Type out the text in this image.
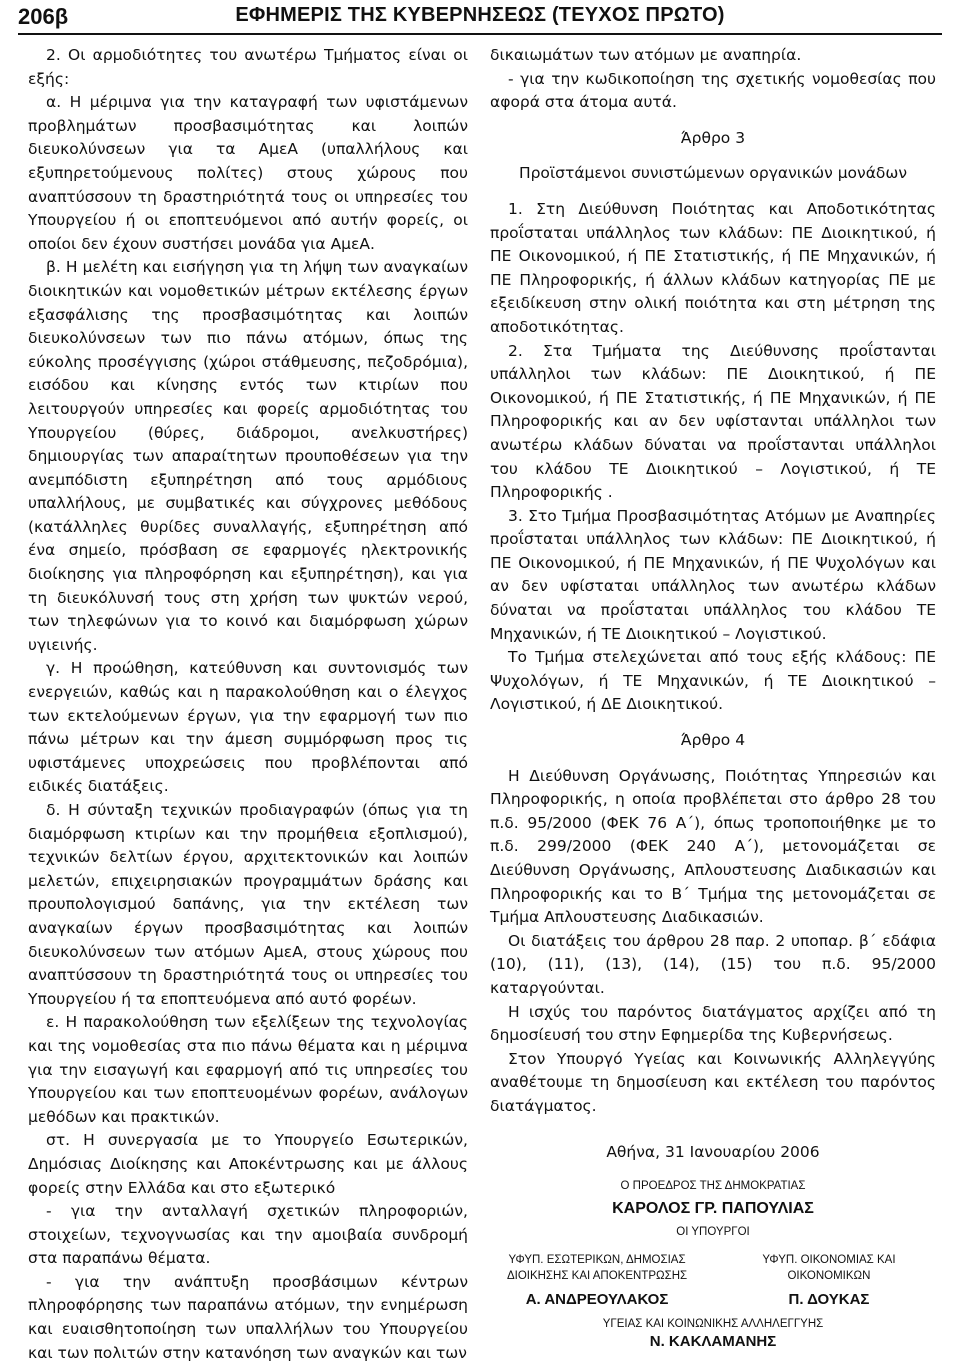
206β	ΕΦΗΜΕΡΙΣ ΤΗΣ ΚΥΒΕΡΝΗΣΕΩΣ (ΤΕΥΧΟΣ ΠΡΩΤΟ)

2. Οι αρμοδιότητες του ανωτέρω Τμήματος είναι οι εξής:

α. Η μέριμνα για την καταγραφή των υφιστάμενων προβλημάτων προσβασιμότητας και λοιπών διευκολύνσεων για τα ΑμεΑ (υπαλλήλους και εξυπηρετούμενους πολίτες) στους χώρους που αναπτύσσουν τη δραστηριότητά τους οι υπηρεσίες του Υπουργείου ή οι εποπτευόμενοι από αυτήν φορείς, οι οποίοι δεν έχουν συστήσει μονάδα για ΑμεΑ.

β. Η μελέτη και εισήγηση για τη λήψη των αναγκαίων διοικητικών και νομοθετικών μέτρων εκτέλεσης έργων εξασφάλισης της προσβασιμότητας και λοιπών διευκολύνσεων των πιο πάνω ατόμων, όπως της εύκολης προσέγγισης (χώροι στάθμευσης, πεζοδρόμια), εισόδου και κίνησης εντός των κτιρίων που λειτουργούν υπηρεσίες και φορείς αρμοδιότητας του Υπουργείου (θύρες, διάδρομοι, ανελκυστήρες) δημιουργίας των απαραίτητων προυποθέσεων για την ανεμπόδιστη εξυπηρέτηση από τους αρμόδιους υπαλλήλους, με συμβατικές και σύγχρονες μεθόδους (κατάλληλες θυρίδες συναλλαγής, εξυπηρέτηση από ένα σημείο, πρόσβαση σε εφαρμογές ηλεκτρονικής διοίκησης για πληροφόρηση και εξυπηρέτηση), και για τη διευκόλυνσή τους στη χρήση των ψυκτών νερού, των τηλεφώνων για το κοινό και διαμόρφωση χώρων υγιεινής.

γ. Η προώθηση, κατεύθυνση και συντονισμός των ενεργειών, καθώς και η παρακολούθηση και ο έλεγχος των εκτελούμενων έργων, για την εφαρμογή των πιο πάνω μέτρων και την άμεση συμμόρφωση προς τις υφιστάμενες υποχρεώσεις που προβλέπονται από ειδικές διατάξεις.

δ. Η σύνταξη τεχνικών προδιαγραφών (όπως για τη διαμόρφωση κτιρίων και την προμήθεια εξοπλισμού), τεχνικών δελτίων έργου, αρχιτεκτονικών και λοιπών μελετών, επιχειρησιακών προγραμμάτων δράσης και προυπολογισμού δαπάνης, για την εκτέλεση των αναγκαίων έργων προσβασιμότητας και λοιπών διευκολύνσεων των ατόμων ΑμεΑ, στους χώρους που αναπτύσσουν τη δραστηριότητά τους οι υπηρεσίες του Υπουργείου ή τα εποπτευόμενα από αυτό φορέων.

ε. Η παρακολούθηση των εξελίξεων της τεχνολογίας και της νομοθεσίας στα πιο πάνω θέματα και η μέριμνα για την εισαγωγή και εφαρμογή από τις υπηρεσίες του Υπουργείου και των εποπτευομένων φορέων, ανάλογων μεθόδων και πρακτικών.

στ. Η συνεργασία με το Υπουργείο Εσωτερικών, Δημόσιας Διοίκησης και Αποκέντρωσης και με άλλους φορείς στην Ελλάδα και στο εξωτερικό

- για την ανταλλαγή σχετικών πληροφοριών, στοιχείων, τεχνογνωσίας και την αμοιβαία συνδρομή στα παραπάνω θέματα.

- για την ανάπτυξη προσβάσιμων κέντρων πληροφόρησης των παραπάνω ατόμων, την ενημέρωση και ευαισθητοποίηση των υπαλλήλων του Υπουργείου και των πολιτών στην κατανόηση των αναγκών και των

δικαιωμάτων των ατόμων με αναπηρία.

- για την κωδικοποίηση της σχετικής νομοθεσίας που αφορά στα άτομα αυτά.

Άρθρο 3

Προϊστάμενοι συνιστώμενων οργανικών μονάδων

1. Στη Διεύθυνση Ποιότητας και Αποδοτικότητας προΐσταται υπάλληλος των κλάδων: ΠΕ Διοικητικού, ή ΠΕ Οικονομικού, ή ΠΕ Στατιστικής, ή ΠΕ Μηχανικών, ή ΠΕ Πληροφορικής, ή άλλων κλάδων κατηγορίας ΠΕ με εξειδίκευση στην ολική ποιότητα και στη μέτρηση της αποδοτικότητας.

2. Στα Τμήματα της Διεύθυνσης προΐστανται υπάλληλοι των κλάδων: ΠΕ Διοικητικού, ή ΠΕ Οικονομικού, ή ΠΕ Στατιστικής, ή ΠΕ Μηχανικών, ή ΠΕ Πληροφορικής και αν δεν υφίστανται υπάλληλοι των ανωτέρω κλάδων δύναται να προΐστανται υπάλληλοι του κλάδου ΤΕ Διοικητικού – Λογιστικού, ή ΤΕ Πληροφορικής .

3. Στο Τμήμα Προσβασιμότητας Ατόμων με Αναπηρίες προΐσταται υπάλληλος των κλάδων: ΠΕ Διοικητικού, ή ΠΕ Οικονομικού, ή ΠΕ Μηχανικών, ή ΠΕ Ψυχολόγων και αν δεν υφίσταται υπάλληλος των ανωτέρω κλάδων δύναται να προΐσταται υπάλληλος του κλάδου ΤΕ Μηχανικών, ή ΤΕ Διοικητικού – Λογιστικού.

Το Τμήμα στελεχώνεται από τους εξής κλάδους: ΠΕ Ψυχολόγων, ή ΤΕ Μηχανικών, ή ΤΕ Διοικητικού – Λογιστικού, ή ΔΕ Διοικητικού.

Άρθρο 4

Η Διεύθυνση Οργάνωσης, Ποιότητας Υπηρεσιών και Πληροφορικής, η οποία προβλέπεται στο άρθρο 28 του π.δ. 95/2000 (ΦΕΚ 76 Α΄), όπως τροποποιήθηκε με το π.δ. 299/2000 (ΦΕΚ 240 Α΄), μετονομάζεται σε Διεύθυνση Οργάνωσης, Απλουστευσης Διαδικασιών και Πληροφορικής και το Β΄ Τμήμα της μετονομάζεται σε Τμήμα Απλουστευσης Διαδικασιών.

Οι διατάξεις του άρθρου 28 παρ. 2 υποπαρ. β΄ εδάφια (10), (11), (13), (14), (15) του π.δ. 95/2000 καταργούνται.

Η ισχύς του παρόντος διατάγματος αρχίζει από τη δημοσίευσή του στην Εφημερίδα της Κυβερνήσεως.

Στον Υπουργό Υγείας και Κοινωνικής Αλληλεγγύης αναθέτουμε τη δημοσίευση και εκτέλεση του παρόντος διατάγματος.

Αθήνα, 31 Ιανουαρίου 2006

Ο ΠΡΟΕΔΡΟΣ ΤΗΣ ΔΗΜΟΚΡΑΤΙΑΣ
ΚΑΡΟΛΟΣ ΓΡ. ΠΑΠΟΥΛΙΑΣ
ΟΙ ΥΠΟΥΡΓΟΙ
ΥΦΥΠ. ΕΣΩΤΕΡΙΚΩΝ, ΔΗΜΟΣΙΑΣ ΔΙΟΙΚΗΣΗΣ ΚΑΙ ΑΠΟΚΕΝΤΡΩΣΗΣ
ΥΦΥΠ. ΟΙΚΟΝΟΜΙΑΣ ΚΑΙ ΟΙΚΟΝΟΜΙΚΩΝ
Α. ΑΝΔΡΕΟΥΛΑΚΟΣ	Π. ΔΟΥΚΑΣ
ΥΓΕΙΑΣ ΚΑΙ ΚΟΙΝΩΝΙΚΗΣ ΑΛΛΗΛΕΓΓΥΗΣ
Ν. ΚΑΚΛΑΜΑΝΗΣ
